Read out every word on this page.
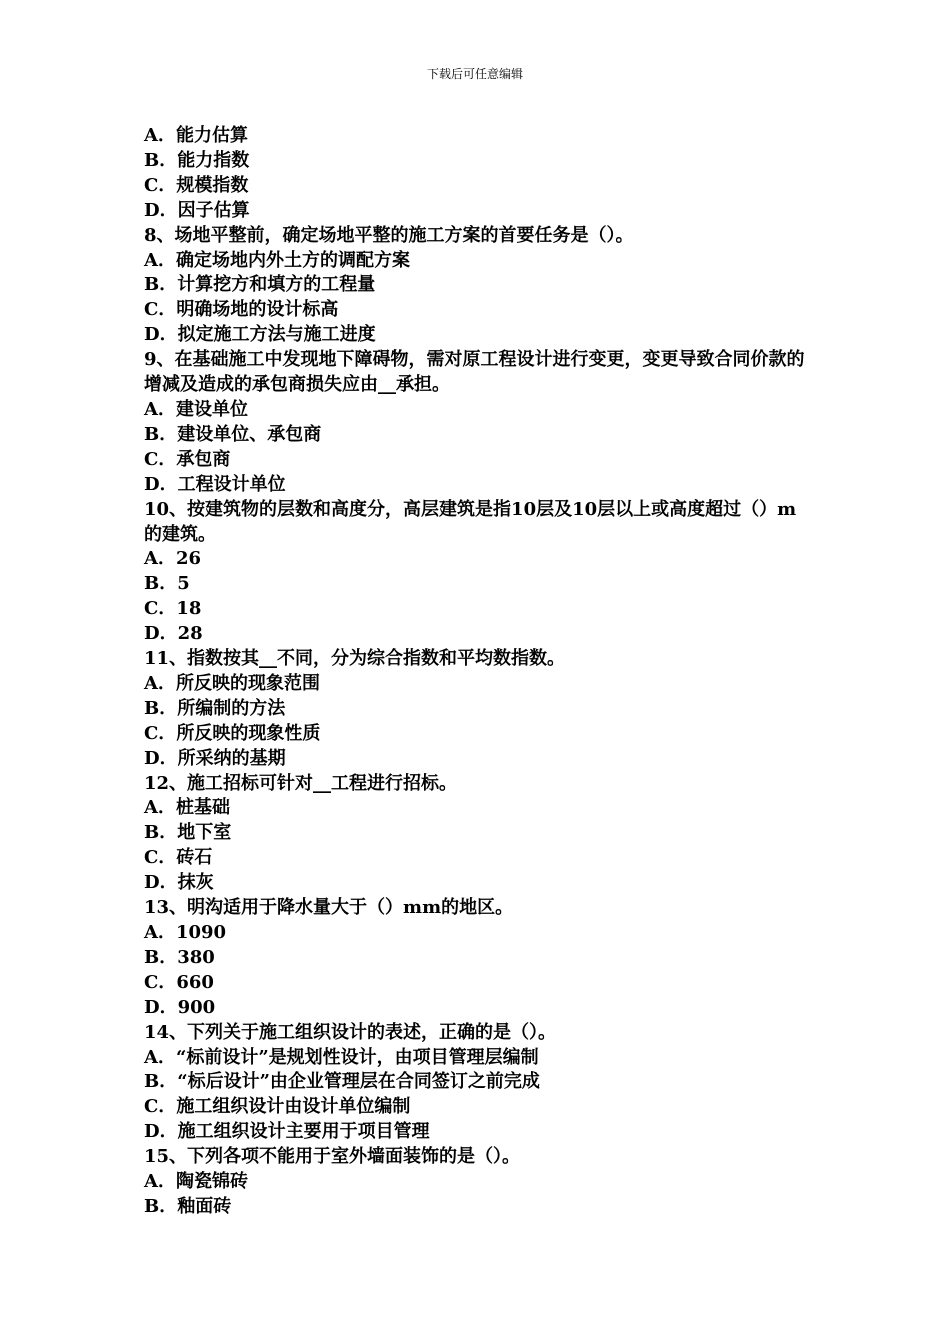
下载后可任意编辑

A．能力估算

B．能力指数

C．规模指数

D．因子估算

8、场地平整前，确定场地平整的施工方案的首要任务是（）。

A．确定场地内外土方的调配方案

B．计算挖方和填方的工程量

C．明确场地的设计标高

D．拟定施工方法与施工进度

9、在基础施工中发现地下障碍物，需对原工程设计进行变更，变更导致合同价款的增减及造成的承包商损失应由__承担。

A．建设单位

B．建设单位、承包商

C．承包商

D．工程设计单位

10、按建筑物的层数和高度分，高层建筑是指10层及10层以上或高度超过（）m的建筑。

A．26

B．5

C．18

D．28

11、指数按其__不同，分为综合指数和平均数指数。

A．所反映的现象范围

B．所编制的方法

C．所反映的现象性质

D．所采纳的基期

12、施工招标可针对__工程进行招标。

A．桩基础

B．地下室

C．砖石

D．抹灰

13、明沟适用于降水量大于（）mm的地区。

A．1090

B．380

C．660

D．900

14、下列关于施工组织设计的表述，正确的是（）。

A．“标前设计”是规划性设计，由项目管理层编制

B．“标后设计”由企业管理层在合同签订之前完成

C．施工组织设计由设计单位编制

D．施工组织设计主要用于项目管理

15、下列各项不能用于室外墙面装饰的是（）。

A．陶瓷锦砖

B．釉面砖
